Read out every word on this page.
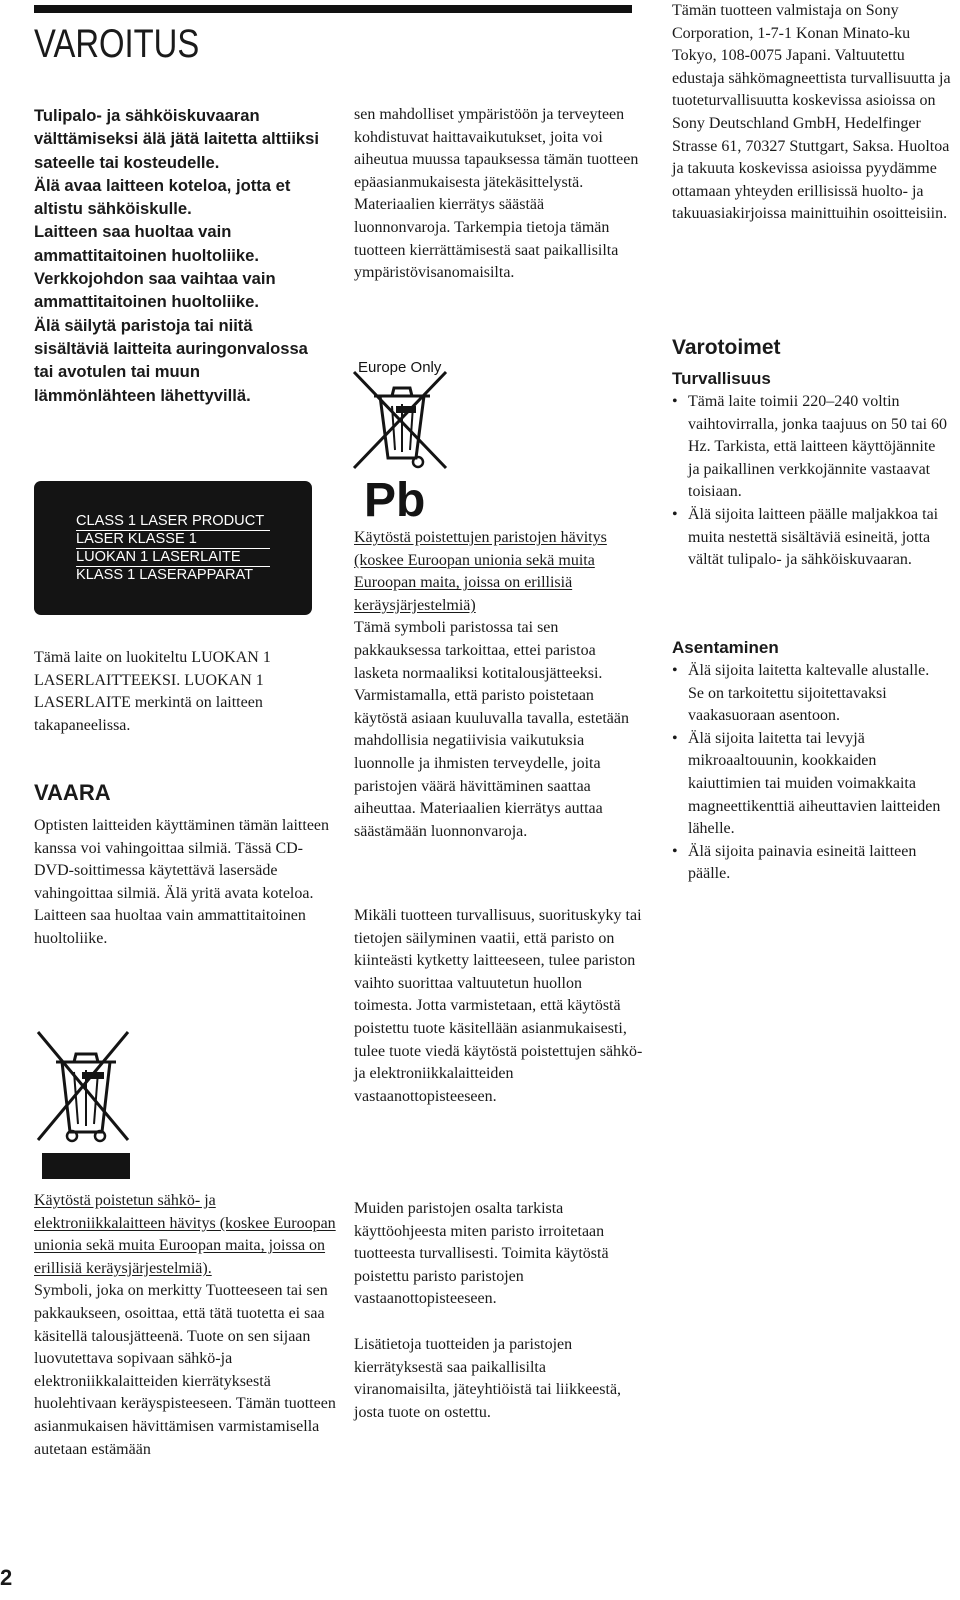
VAROITUS

Tulipalo- ja sähköiskuvaaran välttämiseksi älä jätä laitetta alttiiksi sateelle tai kosteudelle.
Älä avaa laitteen koteloa, jotta et altistu sähköiskulle.
Laitteen saa huoltaa vain ammattitaitoinen huoltoliike.
Verkkojohdon saa vaihtaa vain ammattitaitoinen huoltoliike.
Älä säilytä paristoja tai niitä sisältäviä laitteita auringonvalossa tai avotulen tai muun lämmönlähteen lähettyvillä.

CLASS 1 LASER PRODUCT
LASER KLASSE 1
LUOKAN 1 LASERLAITE
KLASS 1 LASERAPPARAT

Tämä laite on luokiteltu LUOKAN 1 LASERLAITTEEKSI. LUOKAN 1 LASERLAITE merkintä on laitteen takapaneelissa.

VAARA

Optisten laitteiden käyttäminen tämän laitteen kanssa voi vahingoittaa silmiä. Tässä CD-DVD-soittimessa käytettävä lasersäde vahingoittaa silmiä. Älä yritä avata koteloa.
Laitteen saa huoltaa vain ammattitaitoinen huoltoliike.

Käytöstä poistetun sähkö- ja elektroniikkalaitteen hävitys (koskee Euroopan unionia sekä muita Euroopan maita, joissa on erillisiä keräysjärjestelmiä).
Symboli, joka on merkitty Tuotteeseen tai sen pakkaukseen, osoittaa, että tätä tuotetta ei saa käsitellä talousjätteenä. Tuote on sen sijaan luovutettava sopivaan sähkö-ja elektroniikkalaitteiden kierrätyksestä huolehtivaan keräyspisteeseen. Tämän tuotteen asianmukaisen hävittämisen varmistamisella autetaan estämään

sen mahdolliset ympäristöön ja terveyteen kohdistuvat haittavaikutukset, joita voi aiheutua muussa tapauksessa tämän tuotteen epäasianmukaisesta jätekäsittelystä. Materiaalien kierrätys säästää luonnonvaroja. Tarkempia tietoja tämän tuotteen kierrättämisestä saat paikallisilta ympäristövisanomaisilta.

Europe Only
Pb

Käytöstä poistettujen paristojen hävitys (koskee Euroopan unionia sekä muita Euroopan maita, joissa on erillisiä keräysjärjestelmiä)
Tämä symboli paristossa tai sen pakkauksessa tarkoittaa, ettei paristoa lasketa normaaliksi kotitalousjätteeksi. Varmistamalla, että paristo poistetaan käytöstä asiaan kuuluvalla tavalla, estetään mahdollisia negatiivisia vaikutuksia luonnolle ja ihmisten terveydelle, joita paristojen väärä hävittäminen saattaa aiheuttaa. Materiaalien kierrätys auttaa säästämään luonnonvaroja.

Mikäli tuotteen turvallisuus, suorituskyky tai tietojen säilyminen vaatii, että paristo on kiinteästi kytketty laitteeseen, tulee pariston vaihto suorittaa valtuutetun huollon toimesta. Jotta varmistetaan, että käytöstä poistettu tuote käsitellään asianmukaisesti, tulee tuote viedä käytöstä poistettujen sähkö- ja elektroniikkalaitteiden vastaanottopisteeseen.

Muiden paristojen osalta tarkista käyttöohjeesta miten paristo irroitetaan tuotteesta turvallisesti. Toimita käytöstä poistettu paristo paristojen vastaanottopisteeseen.

Lisätietoja tuotteiden ja paristojen kierrätyksestä saa paikallisilta viranomaisilta, jäteyhtiöistä tai liikkeestä, josta tuote on ostettu.

Tämän tuotteen valmistaja on Sony Corporation, 1-7-1 Konan Minato-ku Tokyo, 108-0075 Japani. Valtuutettu edustaja sähkömagneettista turvallisuutta ja tuoteturvallisuutta koskevissa asioissa on Sony Deutschland GmbH, Hedelfinger Strasse 61, 70327 Stuttgart, Saksa. Huoltoa ja takuuta koskevissa asioissa pyydämme ottamaan yhteyden erillisissä huolto- ja takuuasiakirjoissa mainittuihin osoitteisiin.

Varotoimet
Turvallisuus
• Tämä laite toimii 220–240 voltin vaihtovirralla, jonka taajuus on 50 tai 60 Hz. Tarkista, että laitteen käyttöjännite ja paikallinen verkkojännite vastaavat toisiaan.
• Älä sijoita laitteen päälle maljakkoa tai muita nestettä sisältäviä esineitä, jotta vältät tulipalo- ja sähköiskuvaaran.
Asentaminen
• Älä sijoita laitetta kaltevalle alustalle. Se on tarkoitettu sijoitettavaksi vaakasuoraan asentoon.
• Älä sijoita laitetta tai levyjä mikroaaltouunin, kookkaiden kaiuttimien tai muiden voimakkaita magneettikenttiä aiheuttavien laitteiden lähelle.
• Älä sijoita painavia esineitä laitteen päälle.
2
